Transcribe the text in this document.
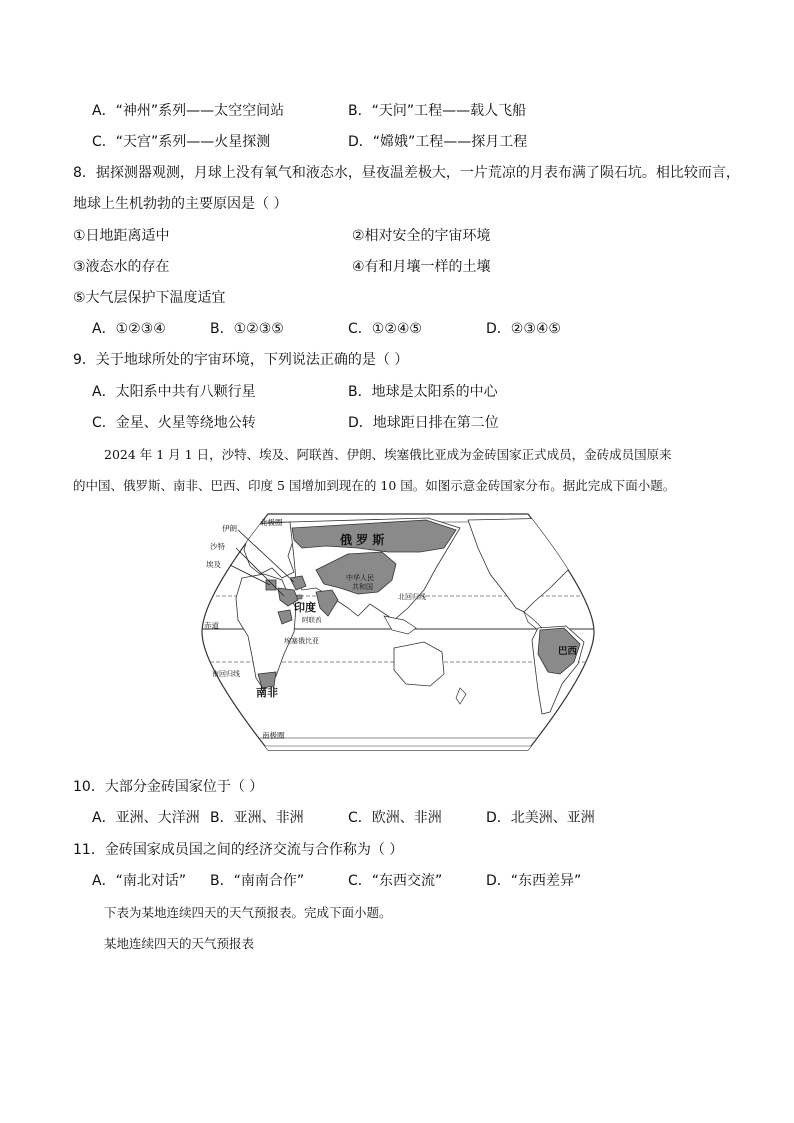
A．“神州”系列——太空空间站	B．“天问”工程——载人飞船
C．“天宫”系列——火星探测	D．“嫦娥”工程——探月工程
8．据探测器观测，月球上没有氧气和液态水，昼夜温差极大，一片荒凉的月表布满了陨石坑。相比较而言，
地球上生机勃勃的主要原因是（ ）
①日地距离适中	②相对安全的宇宙环境
③液态水的存在	④有和月壤一样的土壤
⑤大气层保护下温度适宜
A．①②③④	B．①②③⑤	C．①②④⑤	D．②③④⑤
9．关于地球所处的宇宙环境，下列说法正确的是（ ）
A．太阳系中共有八颗行星	B．地球是太阳系的中心
C．金星、火星等绕地公转	D．地球距日排在第二位
2024 年 1 月 1 日，沙特、埃及、阿联酋、伊朗、埃塞俄比亚成为金砖国家正式成员，金砖成员国原来
的中国、俄罗斯、南非、巴西、印度 5 国增加到现在的 10 国。如图示意金砖国家分布。据此完成下面小题。
伊朗
沙特
埃及
北极圈
俄 罗 斯
中华人民
共和国
印度
阿联酋
北回归线
赤道
埃塞俄比亚
巴西
南回归线
南非
南极圈
10．大部分金砖国家位于（ ）
A．亚洲、大洋洲 B．亚洲、非洲	C．欧洲、非洲	D．北美洲、亚洲
11．金砖国家成员国之间的经济交流与合作称为（ ）
A．“南北对话” B．“南南合作”	C．“东西交流”	D．“东西差异”
下表为某地连续四天的天气预报表。完成下面小题。
某地连续四天的天气预报表
